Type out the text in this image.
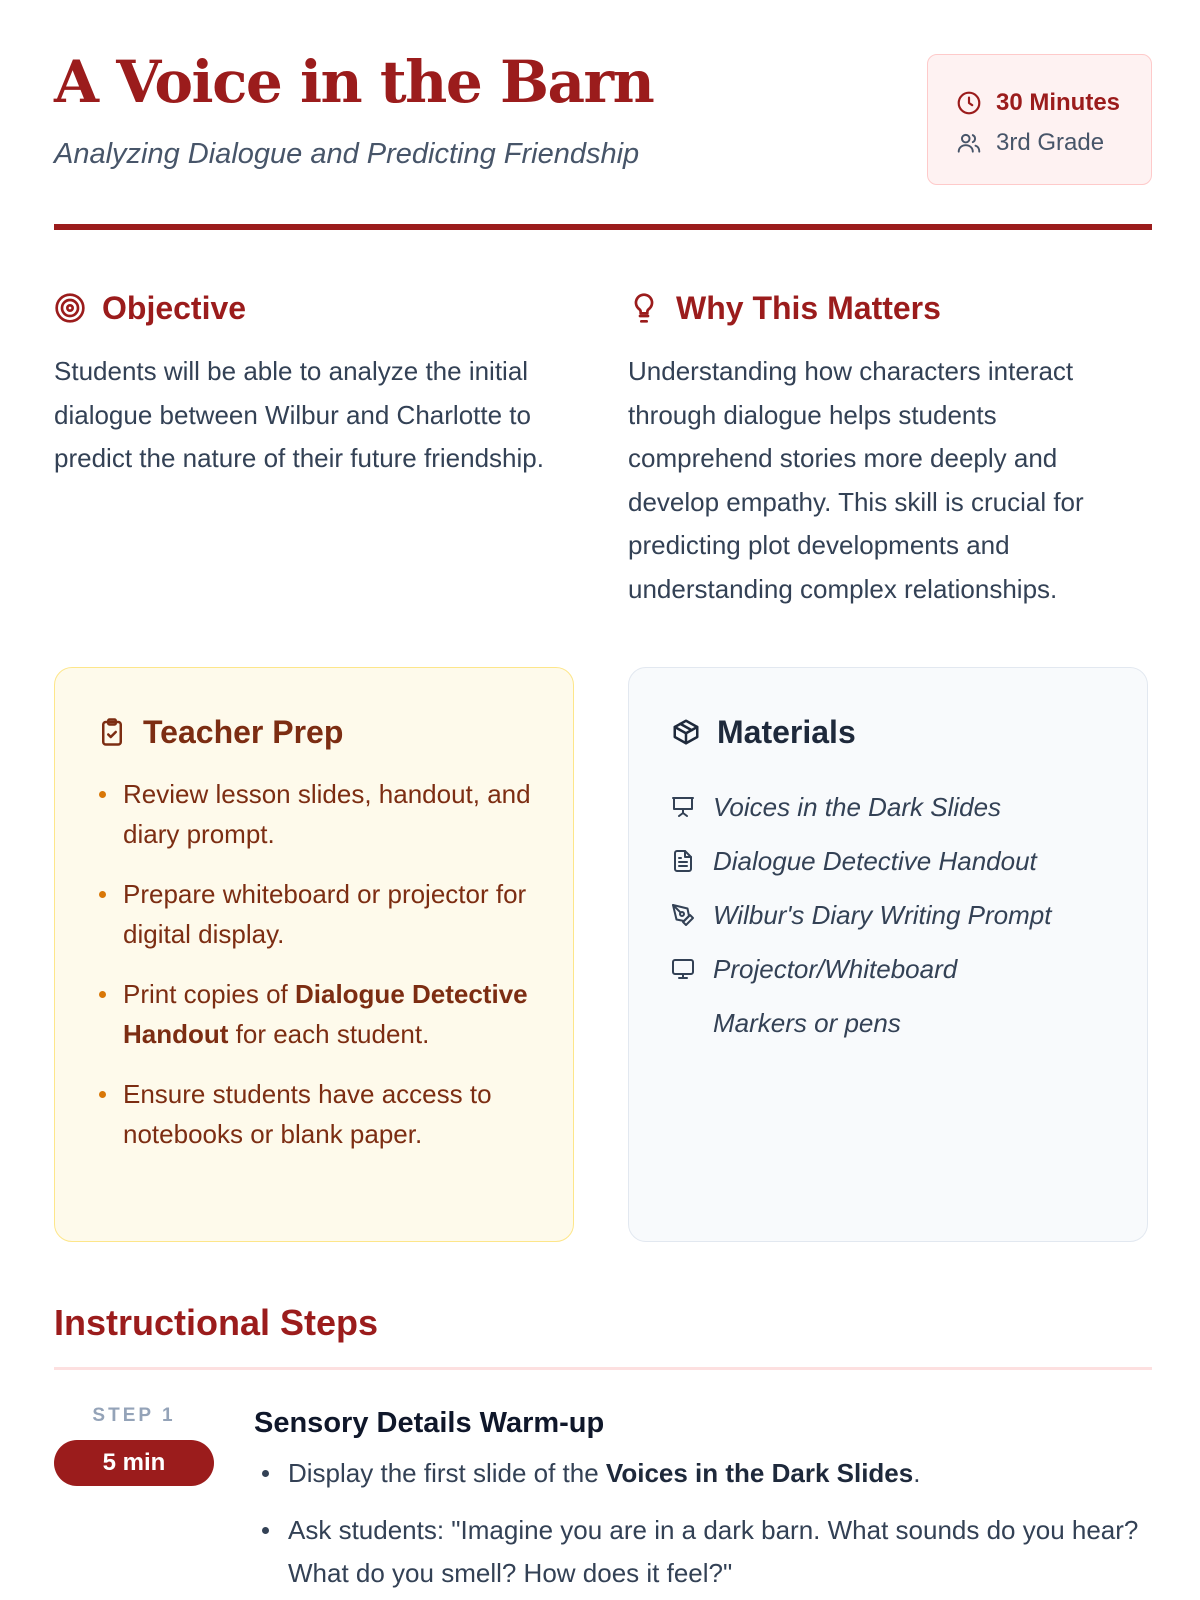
A Voice in the Barn
Analyzing Dialogue and Predicting Friendship
30 Minutes
3rd Grade
Objective

Students will be able to analyze the initial dialogue between Wilbur and Charlotte to predict the nature of their future friendship.

Why This Matters

Understanding how characters interact through dialogue helps students comprehend stories more deeply and develop empathy. This skill is crucial for predicting plot developments and understanding complex relationships.

Teacher Prep
Review lesson slides, handout, and diary prompt.
Prepare whiteboard or projector for digital display.
Print copies of Dialogue Detective Handout for each student.
Ensure students have access to notebooks or blank paper.
Materials
Voices in the Dark Slides
Dialogue Detective Handout
Wilbur's Diary Writing Prompt
Projector/Whiteboard
Markers or pens
Instructional Steps
STEP 1
5 min
Sensory Details Warm-up
Display the first slide of the Voices in the Dark Slides.
Ask students: "Imagine you are in a dark barn. What sounds do you hear? What do you smell? How does it feel?"
